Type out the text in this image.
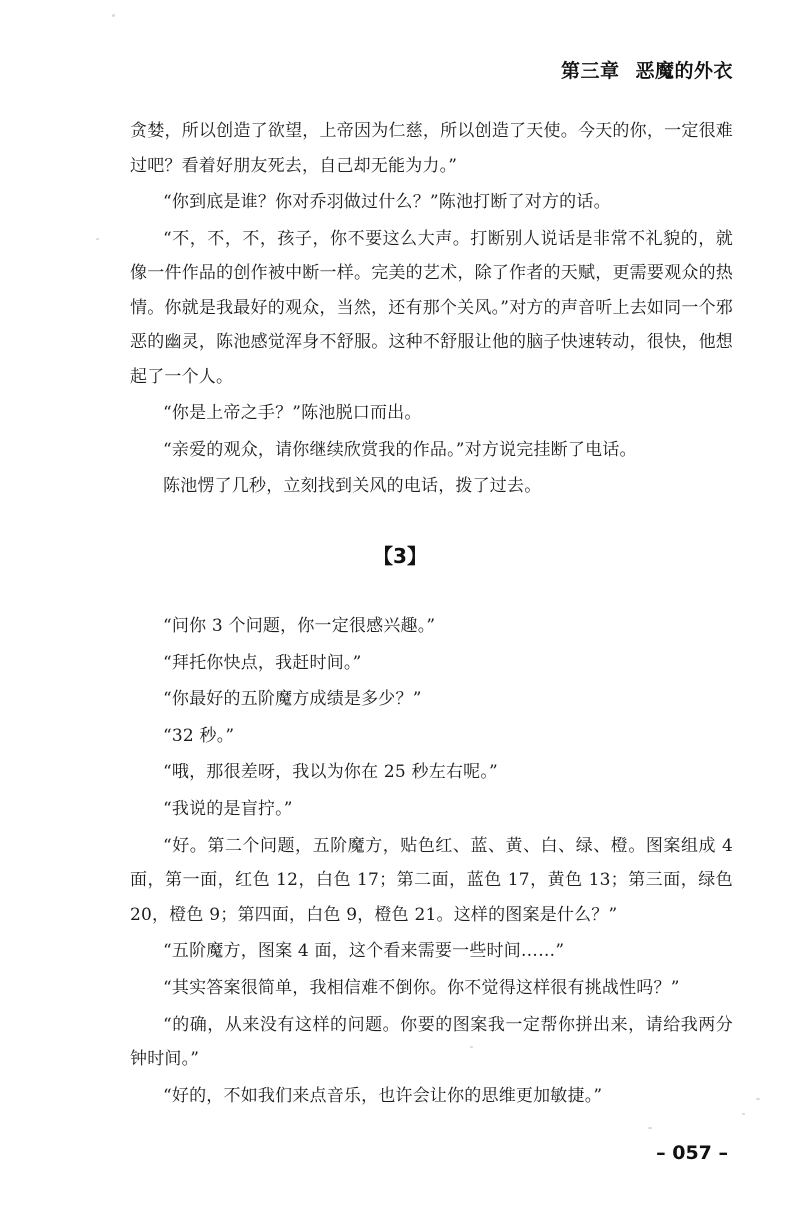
第三章 恶魔的外衣

贪婪，所以创造了欲望，上帝因为仁慈，所以创造了天使。今天的你，一定很难过吧？看着好朋友死去，自己却无能为力。”

“你到底是谁？你对乔羽做过什么？”陈池打断了对方的话。

“不，不，不，孩子，你不要这么大声。打断别人说话是非常不礼貌的，就像一件作品的创作被中断一样。完美的艺术，除了作者的天赋，更需要观众的热情。你就是我最好的观众，当然，还有那个关风。”对方的声音听上去如同一个邪恶的幽灵，陈池感觉浑身不舒服。这种不舒服让他的脑子快速转动，很快，他想起了一个人。

“你是上帝之手？”陈池脱口而出。

“亲爱的观众，请你继续欣赏我的作品。”对方说完挂断了电话。

陈池愣了几秒，立刻找到关风的电话，拨了过去。

【3】

“问你 3 个问题，你一定很感兴趣。”

“拜托你快点，我赶时间。”

“你最好的五阶魔方成绩是多少？”

“32 秒。”

“哦，那很差呀，我以为你在 25 秒左右呢。”

“我说的是盲拧。”

“好。第二个问题，五阶魔方，贴色红、蓝、黄、白、绿、橙。图案组成 4 面，第一面，红色 12，白色 17；第二面，蓝色 17，黄色 13；第三面，绿色 20，橙色 9；第四面，白色 9，橙色 21。这样的图案是什么？”

“五阶魔方，图案 4 面，这个看来需要一些时间……”

“其实答案很简单，我相信难不倒你。你不觉得这样很有挑战性吗？”

“的确，从来没有这样的问题。你要的图案我一定帮你拼出来，请给我两分钟时间。”

“好的，不如我们来点音乐，也许会让你的思维更加敏捷。”

– 057 –
